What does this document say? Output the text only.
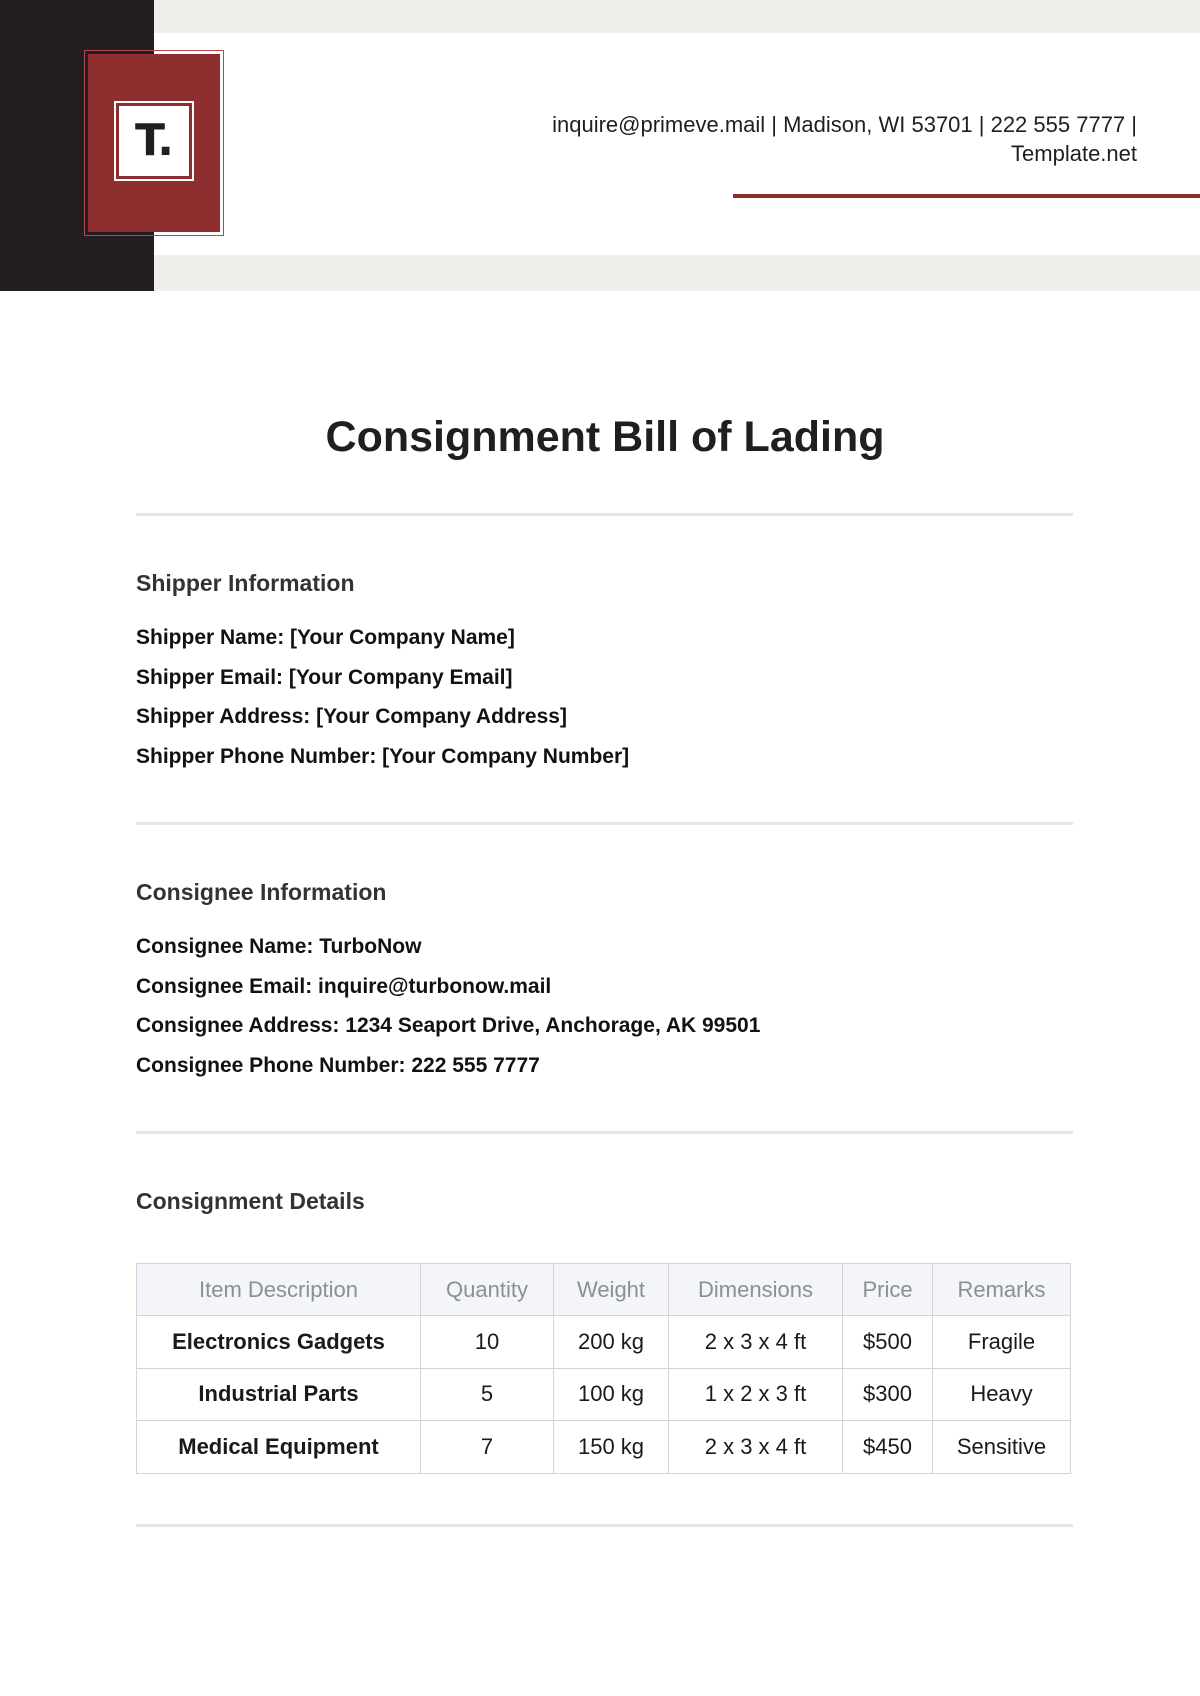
T.	inquire@primeve.mail | Madison, WI 53701 | 222 555 7777 |
Template.net
Consignment Bill of Lading
Shipper Information
Shipper Name: [Your Company Name]
Shipper Email: [Your Company Email]
Shipper Address: [Your Company Address]
Shipper Phone Number: [Your Company Number]
Consignee Information
Consignee Name: TurboNow
Consignee Email: inquire@turbonow.mail
Consignee Address: 1234 Seaport Drive, Anchorage, AK 99501
Consignee Phone Number: 222 555 7777
Consignment Details
Item Description	Quantity	Weight	Dimensions	Price	Remarks
Electronics Gadgets	10	200 kg	2 x 3 x 4 ft	$500	Fragile
Industrial Parts	5	100 kg	1 x 2 x 3 ft	$300	Heavy
Medical Equipment	7	150 kg	2 x 3 x 4 ft	$450	Sensitive
